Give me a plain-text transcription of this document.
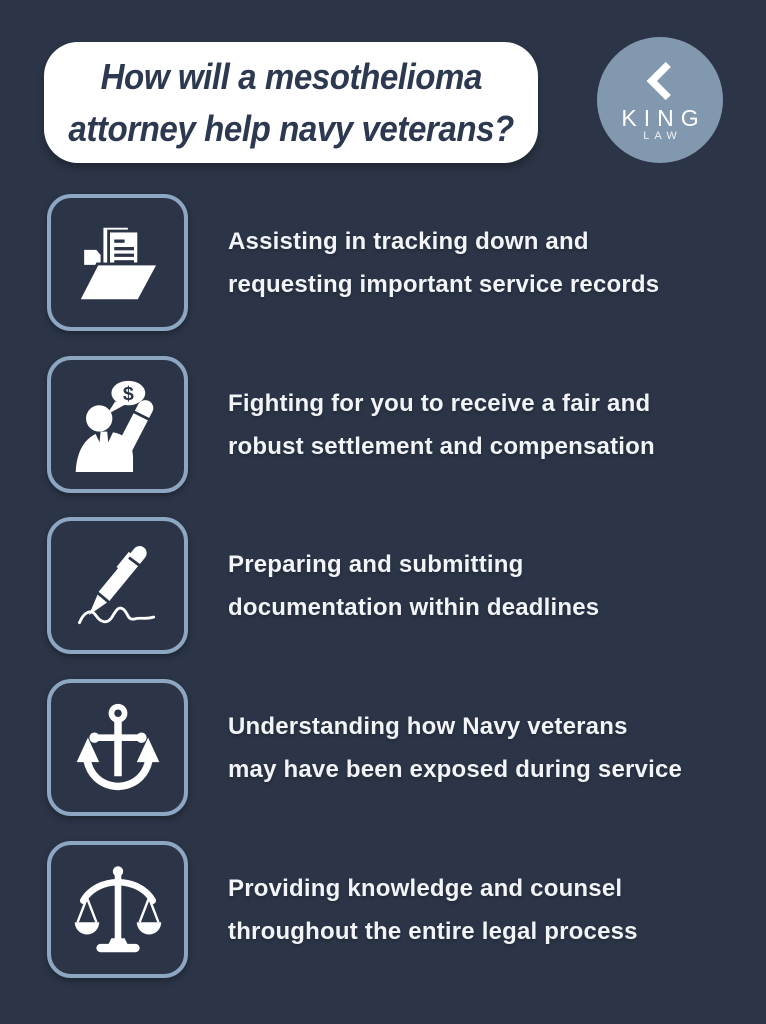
How will a mesothelioma
attorney help navy veterans?	KING
LAW
Assisting in tracking down and
requesting important service records
$	Fighting for you to receive a fair and
robust settlement and compensation
Preparing and submitting
documentation within deadlines
Understanding how Navy veterans
may have been exposed during service
Providing knowledge and counsel
throughout the entire legal process
